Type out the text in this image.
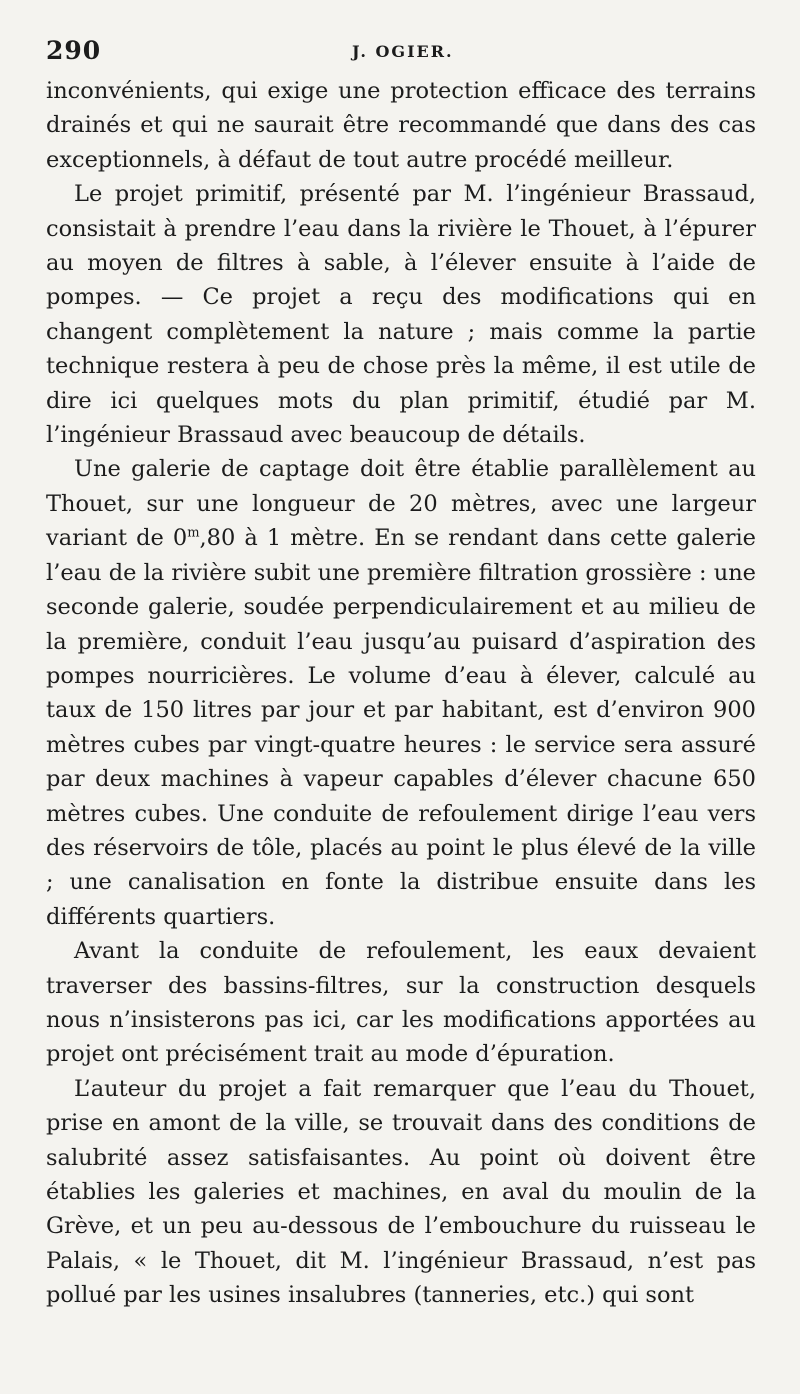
290	J. OGIER.

inconvénients, qui exige une protection efficace des terrains drainés et qui ne saurait être recommandé que dans des cas exceptionnels, à défaut de tout autre procédé meilleur.

Le projet primitif, présenté par M. l’ingénieur Brassaud, consistait à prendre l’eau dans la rivière le Thouet, à l’épurer au moyen de filtres à sable, à l’élever ensuite à l’aide de pompes. — Ce projet a reçu des modifications qui en changent complètement la nature ; mais comme la partie technique restera à peu de chose près la même, il est utile de dire ici quelques mots du plan primitif, étudié par M. l’ingénieur Brassaud avec beaucoup de détails.

Une galerie de captage doit être établie parallèlement au Thouet, sur une longueur de 20 mètres, avec une largeur variant de 0$^m$,80 à 1 mètre. En se rendant dans cette galerie l’eau de la rivière subit une première filtration grossière : une seconde galerie, soudée perpendiculairement et au milieu de la première, conduit l’eau jusqu’au puisard d’aspiration des pompes nourricières. Le volume d’eau à élever, calculé au taux de 150 litres par jour et par habitant, est d’environ 900 mètres cubes par vingt-quatre heures : le service sera assuré par deux machines à vapeur capables d’élever chacune 650 mètres cubes. Une conduite de refoulement dirige l’eau vers des réservoirs de tôle, placés au point le plus élevé de la ville ; une canalisation en fonte la distribue ensuite dans les différents quartiers.

Avant la conduite de refoulement, les eaux devaient traverser des bassins-filtres, sur la construction desquels nous n’insisterons pas ici, car les modifications apportées au projet ont précisément trait au mode d’épuration.

L’auteur du projet a fait remarquer que l’eau du Thouet, prise en amont de la ville, se trouvait dans des conditions de salubrité assez satisfaisantes. Au point où doivent être établies les galeries et machines, en aval du moulin de la Grève, et un peu au-dessous de l’embouchure du ruisseau le Palais, « le Thouet, dit M. l’ingénieur Brassaud, n’est pas pollué par les usines insalubres (tanneries, etc.) qui sont
